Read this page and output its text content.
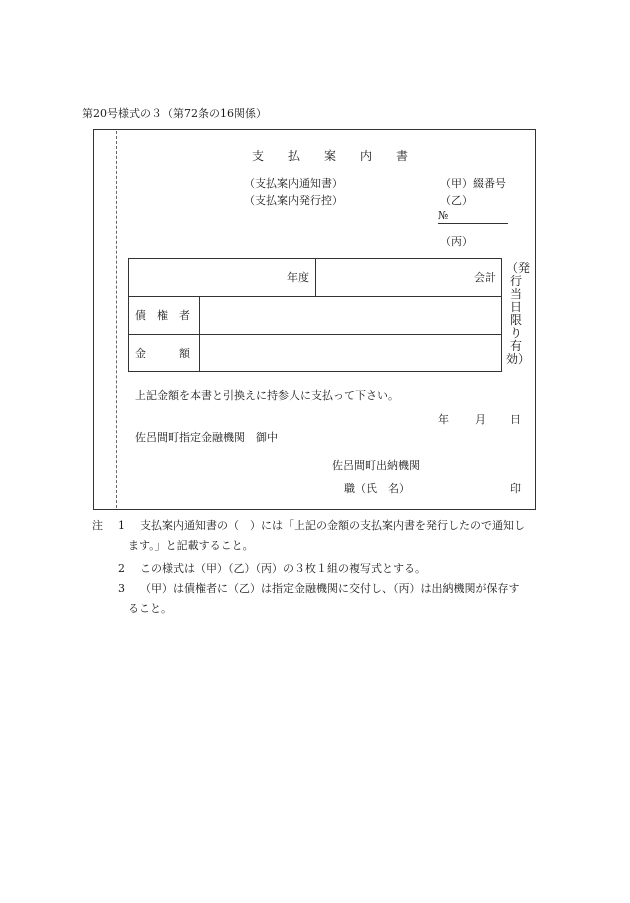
第20号様式の３（第72条の16関係）
支　　払　　案　　内　　書
（支払案内通知書）
（支払案内発行控）
（甲）綴番号
（乙）
№
（丙）
年度	会計
債　権　者
金　　　額
（発行当日限り有効）
上記金額を本書と引換えに持参人に支払って下さい。
年 月 日
佐呂間町指定金融機関　御中
佐呂間町出納機関
職（氏　名）	印
注 1 支払案内通知書の（　）には「上記の金額の支払案内書を発行したので通知し
ます。」と記載すること。
2 この様式は（甲）（乙）（丙）の３枚１組の複写式とする。
3 （甲）は債権者に（乙）は指定金融機関に交付し、（丙）は出納機関が保存す
ること。
